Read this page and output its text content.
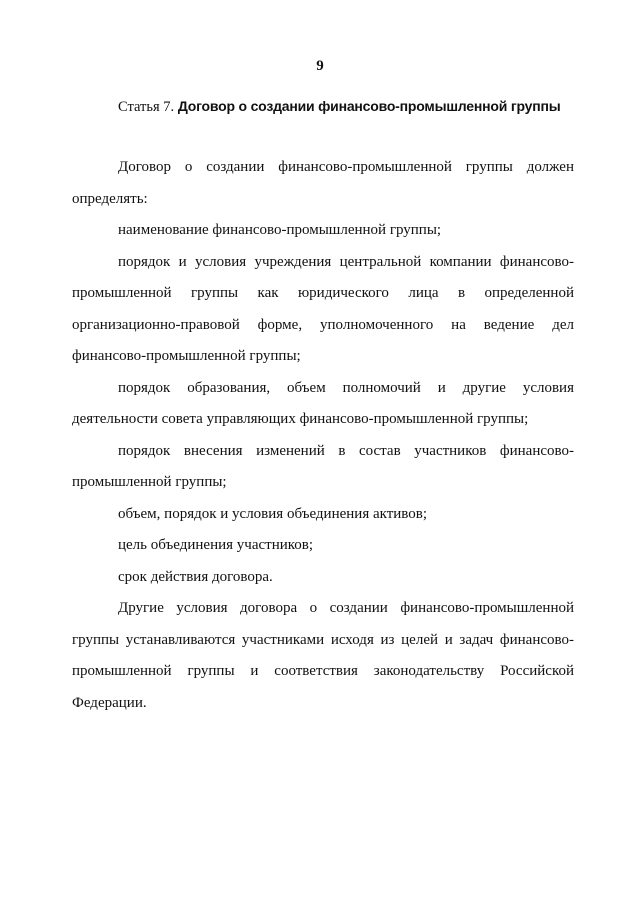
9
Статья 7. Договор о создании финансово-промышленной группы

Договор о создании финансово-промышленной группы должен определять:

наименование финансово-промышленной группы;

порядок и условия учреждения центральной компании финансово-промышленной группы как юридического лица в определенной организационно-правовой форме, уполномоченного на ведение дел финансово-промышленной группы;

порядок образования, объем полномочий и другие условия деятельности совета управляющих финансово-промышленной группы;

порядок внесения изменений в состав участников финансово-промышленной группы;

объем, порядок и условия объединения активов;

цель объединения участников;

срок действия договора.

Другие условия договора о создании финансово-промышленной группы устанавливаются участниками исходя из целей и задач финансово-промышленной группы и соответствия законодательству Российской Федерации.
